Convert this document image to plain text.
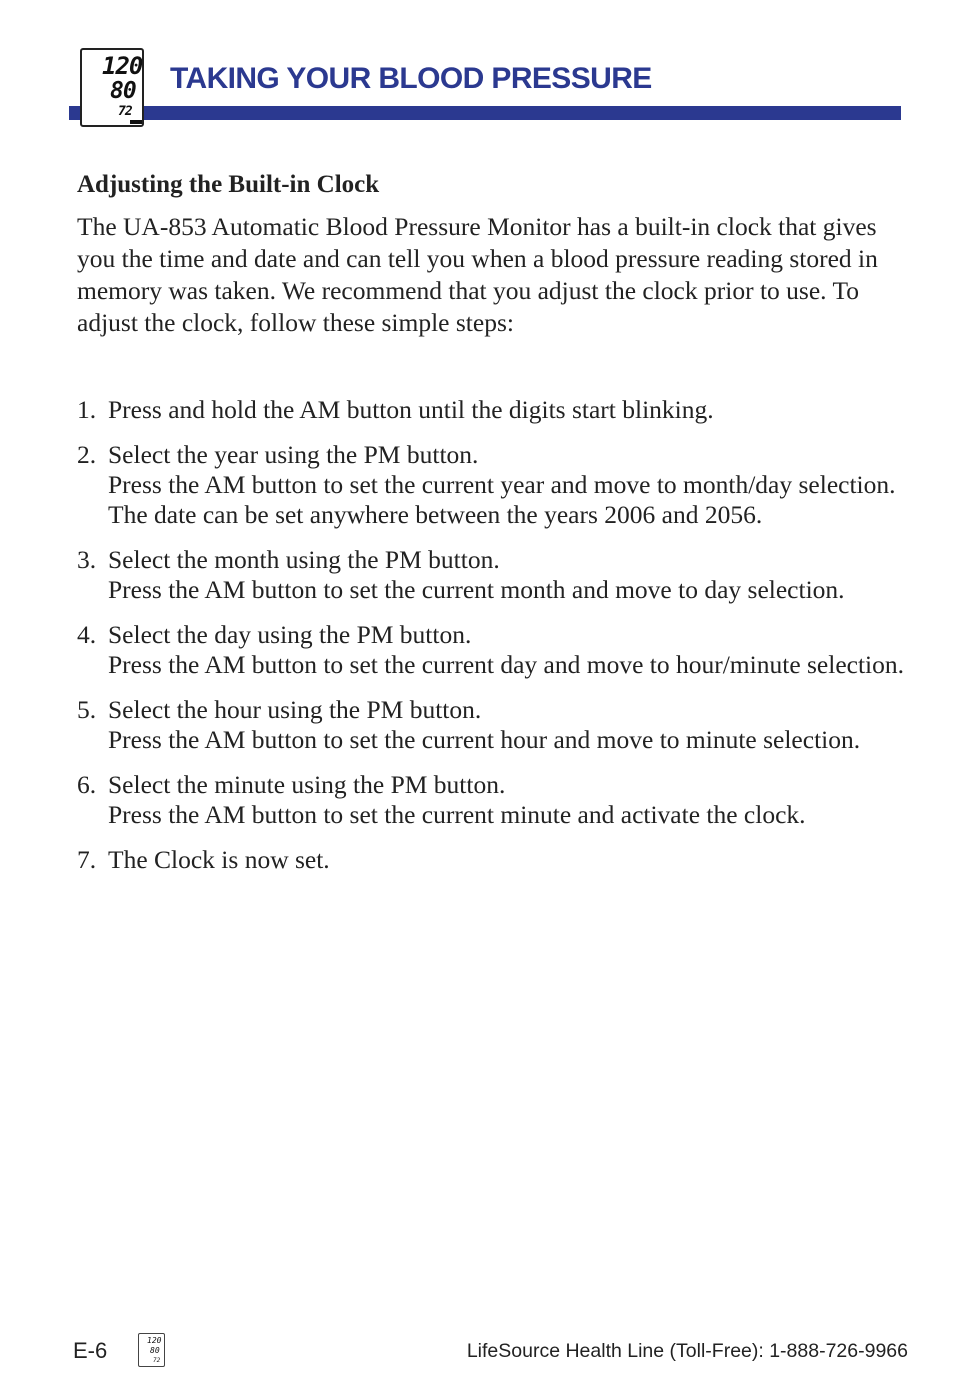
120
80
72
TAKING YOUR BLOOD PRESSURE
Adjusting the Built-in Clock
The UA-853 Automatic Blood Pressure Monitor has a built-in clock that gives you the time and date and can tell you when a blood pressure reading stored in memory was taken. We recommend that you adjust the clock prior to use. To adjust the clock, follow these simple steps:
1. Press and hold the AM button until the digits start blinking.
2. Select the year using the PM button.
Press the AM button to set the current year and move to month/day selection. The date can be set anywhere between the years 2006 and 2056.
3. Select the month using the PM button.
Press the AM button to set the current month and move to day selection.
4. Select the day using the PM button.
Press the AM button to set the current day and move to hour/minute selection.
5. Select the hour using the PM button.
Press the AM button to set the current hour and move to minute selection.
6. Select the minute using the PM button.
Press the AM button to set the current minute and activate the clock.
7. The Clock is now set.
E-6	120
80
72	LifeSource Health Line (Toll-Free): 1-888-726-9966
